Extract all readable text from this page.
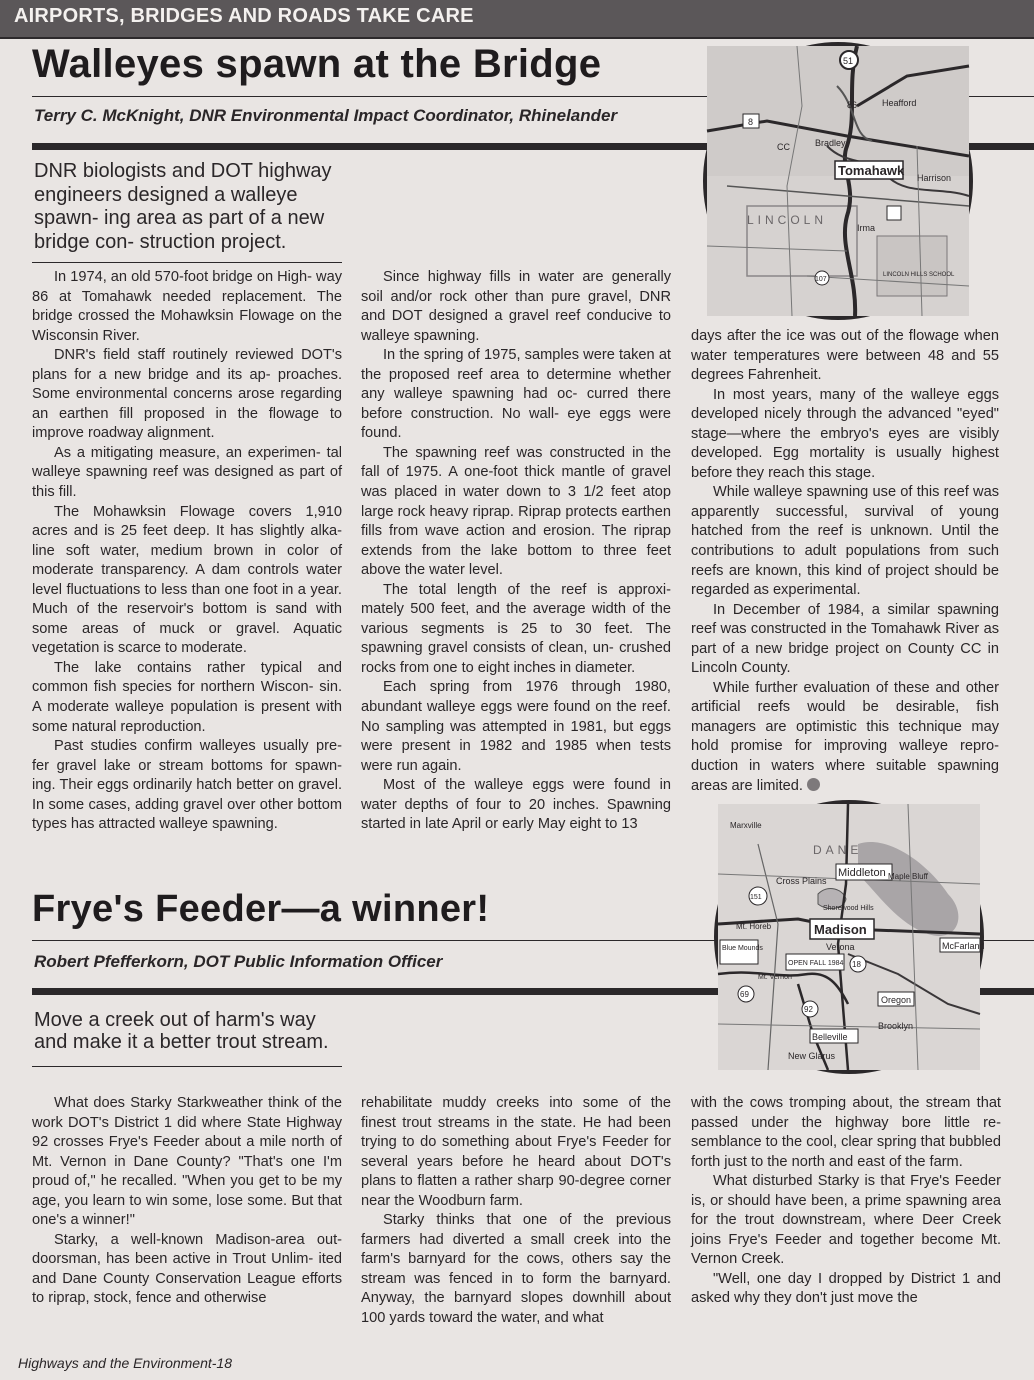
AIRPORTS, BRIDGES AND ROADS TAKE CARE
Walleyes spawn at the Bridge
Terry C. McKnight, DNR Environmental Impact Coordinator, Rhinelander
DNR biologists and DOT highway engineers designed a walleye spawn- ing area as part of a new bridge con- struction project.

In 1974, an old 570-foot bridge on High- way 86 at Tomahawk needed replacement. The bridge crossed the Mohawksin Flowage on the Wisconsin River.

DNR's field staff routinely reviewed DOT's plans for a new bridge and its ap- proaches. Some environmental concerns arose regarding an earthen fill proposed in the flowage to improve roadway alignment.

As a mitigating measure, an experimen- tal walleye spawning reef was designed as part of this fill.

The Mohawksin Flowage covers 1,910 acres and is 25 feet deep. It has slightly alka- line soft water, medium brown in color of moderate transparency. A dam controls water level fluctuations to less than one foot in a year. Much of the reservoir's bottom is sand with some areas of muck or gravel. Aquatic vegetation is scarce to moderate.

The lake contains rather typical and common fish species for northern Wiscon- sin. A moderate walleye population is present with some natural reproduction.

Past studies confirm walleyes usually pre- fer gravel lake or stream bottoms for spawn- ing. Their eggs ordinarily hatch better on gravel. In some cases, adding gravel over other bottom types has attracted walleye spawning.

Since highway fills in water are generally soil and/or rock other than pure gravel, DNR and DOT designed a gravel reef conducive to walleye spawning.

In the spring of 1975, samples were taken at the proposed reef area to determine whether any walleye spawning had oc- curred there before construction. No wall- eye eggs were found.

The spawning reef was constructed in the fall of 1975. A one-foot thick mantle of gravel was placed in water down to 3 1/2 feet atop large rock heavy riprap. Riprap protects earthen fills from wave action and erosion. The riprap extends from the lake bottom to three feet above the water level.

The total length of the reef is approxi- mately 500 feet, and the average width of the various segments is 25 to 30 feet. The spawning gravel consists of clean, un- crushed rocks from one to eight inches in diameter.

Each spring from 1976 through 1980, abundant walleye eggs were found on the reef. No sampling was attempted in 1981, but eggs were present in 1982 and 1985 when tests were run again.

Most of the walleye eggs were found in water depths of four to 20 inches. Spawning started in late April or early May eight to 13

days after the ice was out of the flowage when water temperatures were between 48 and 55 degrees Fahrenheit.

In most years, many of the walleye eggs developed nicely through the advanced "eyed" stage—where the embryo's eyes are visibly developed. Egg mortality is usually highest before they reach this stage.

While walleye spawning use of this reef was apparently successful, survival of young hatched from the reef is unknown. Until the contributions to adult populations from such reefs are known, this kind of project should be regarded as experimental.

In December of 1984, a similar spawning reef was constructed in the Tomahawk River as part of a new bridge project on County CC in Lincoln County.

While further evaluation of these and other artificial reefs would be desirable, fish managers are optimistic this technique may hold promise for improving walleye repro- duction in waters where suitable spawning areas are limited.

51
8
Tomahawk
LINCOLN
Bradley
CC
Irma
Harrison
Heafford
86
LINCOLN HILLS SCHOOL
107
Frye's Feeder—a winner!
Robert Pfefferkorn, DOT Public Information Officer
Move a creek out of harm's way and make it a better trout stream.

What does Starky Starkweather think of the work DOT's District 1 did where State Highway 92 crosses Frye's Feeder about a mile north of Mt. Vernon in Dane County? "That's one I'm proud of," he recalled. "When you get to be my age, you learn to win some, lose some. But that one's a winner!"

Starky, a well-known Madison-area out- doorsman, has been active in Trout Unlim- ited and Dane County Conservation League efforts to riprap, stock, fence and otherwise

rehabilitate muddy creeks into some of the finest trout streams in the state. He had been trying to do something about Frye's Feeder for several years before he heard about DOT's plans to flatten a rather sharp 90-degree corner near the Woodburn farm.

Starky thinks that one of the previous farmers had diverted a small creek into the farm's barnyard for the cows, others say the stream was fenced in to form the barnyard. Anyway, the barnyard slopes downhill about 100 yards toward the water, and what

with the cows tromping about, the stream that passed under the highway bore little re- semblance to the cool, clear spring that bubbled forth just to the north and east of the farm.

What disturbed Starky is that Frye's Feeder is, or should have been, a prime spawning area for the trout downstream, where Deer Creek joins Frye's Feeder and together become Mt. Vernon Creek.

"Well, one day I dropped by District 1 and asked why they don't just move the

Blue Mounds
Mt. Horeb
Mt. Vernon
Cross Plains
Middleton
DANE
Shorewood Hills
Maple Bluff
Madison
Verona	McFarland
Marxville
OPEN FALL 1984
Oregon
Brooklyn
Belleville
New Glarus
92
18
151
69
Highways and the Environment-18
